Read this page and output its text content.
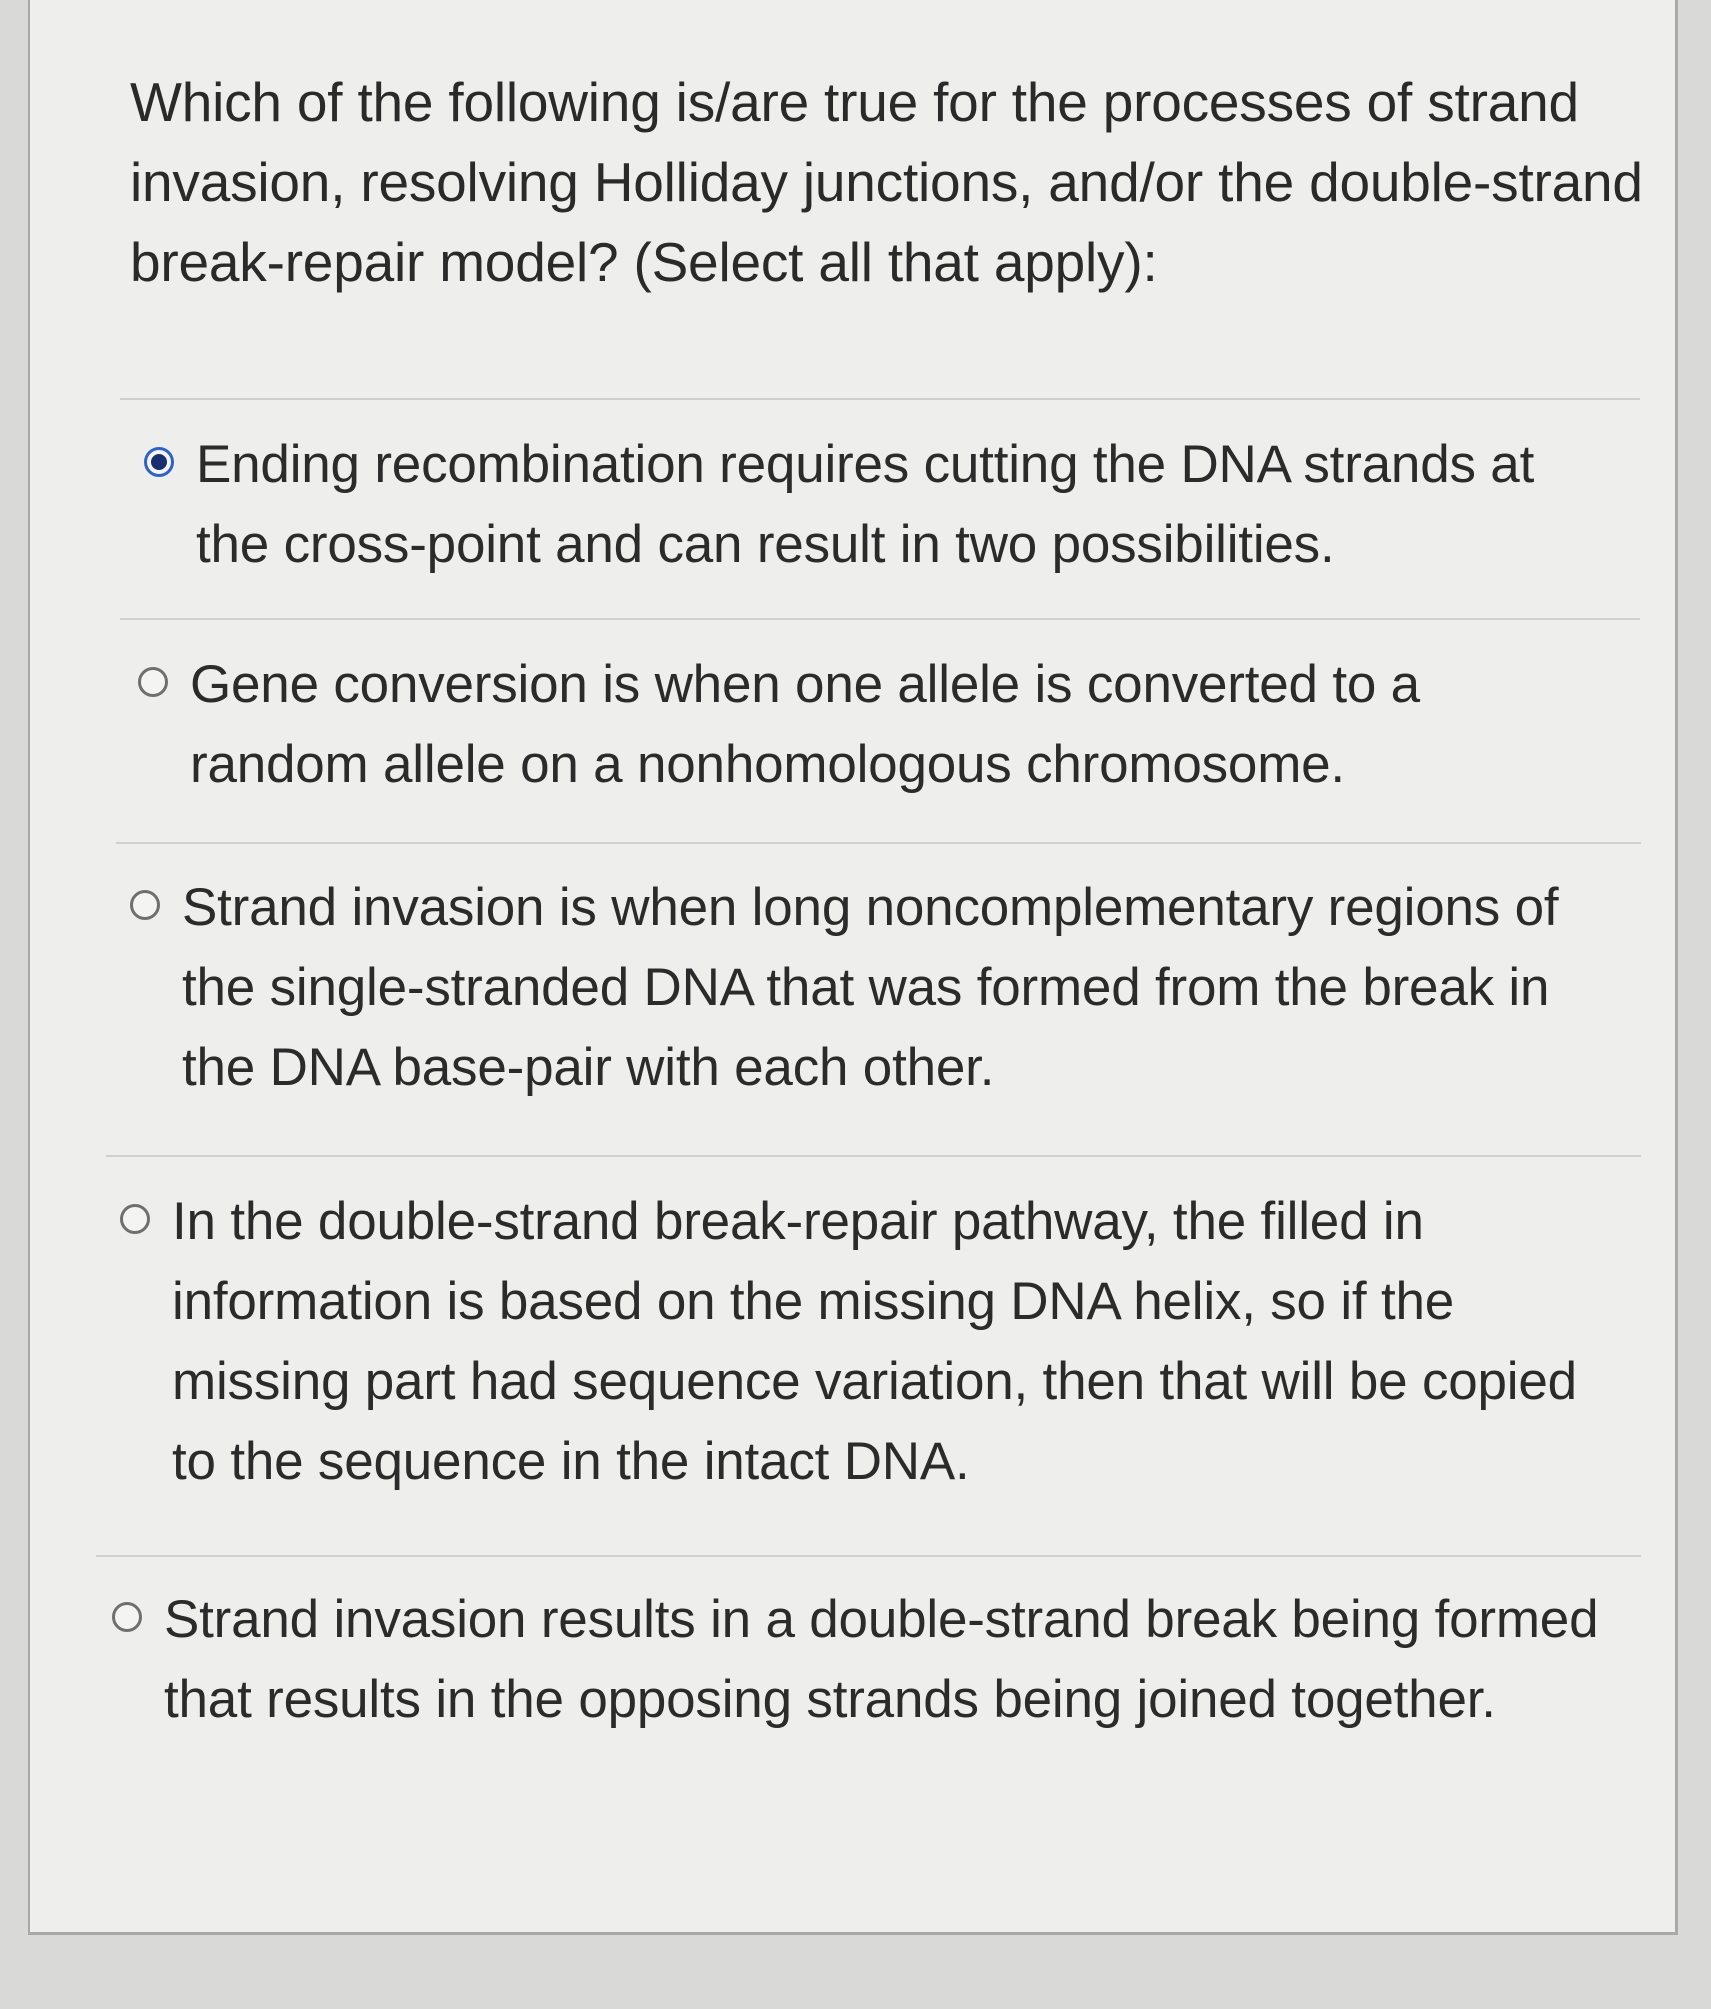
Which of the following is/are true for the processes of strand invasion, resolving Holliday junctions, and/or the double-strand break-repair model? (Select all that apply):

Ending recombination requires cutting the DNA strands at the cross-point and can result in two possibilities.
Gene conversion is when one allele is converted to a random allele on a nonhomologous chromosome.
Strand invasion is when long noncomplementary regions of the single-stranded DNA that was formed from the break in the DNA base-pair with each other.
In the double-strand break-repair pathway, the filled in information is based on the missing DNA helix, so if the missing part had sequence variation, then that will be copied to the sequence in the intact DNA.
Strand invasion results in a double-strand break being formed that results in the opposing strands being joined together.
